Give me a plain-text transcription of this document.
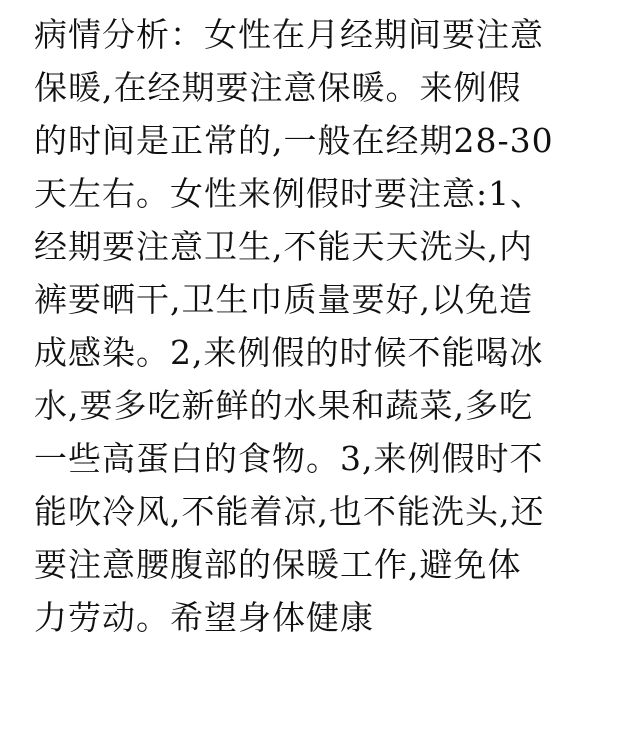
病情分析：女性在月经期间要注意
保暖,在经期要注意保暖。来例假
的时间是正常的,一般在经期28-30
天左右。女性来例假时要注意:1、
经期要注意卫生,不能天天洗头,内
裤要晒干,卫生巾质量要好,以免造
成感染。2,来例假的时候不能喝冰
水,要多吃新鲜的水果和蔬菜,多吃
一些高蛋白的食物。3,来例假时不
能吹冷风,不能着凉,也不能洗头,还
要注意腰腹部的保暖工作,避免体
力劳动。希望身体健康
